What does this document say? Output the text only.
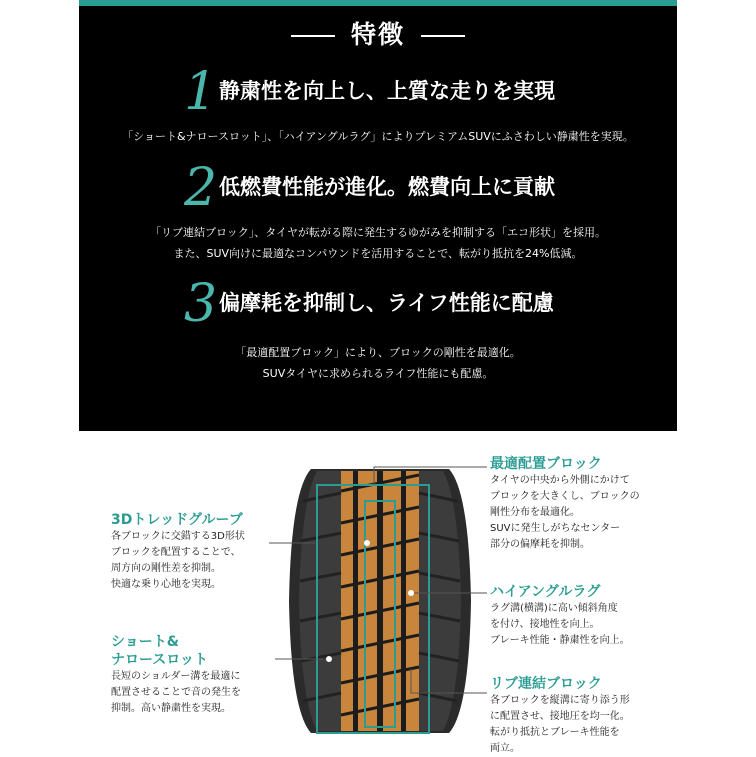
特徴
1 静粛性を向上し、上質な走りを実現
「ショート&ナロースロット」、「ハイアングルラグ」によりプレミアムSUVにふさわしい静粛性を実現。
2 低燃費性能が進化。燃費向上に貢献
「リブ連結ブロック」、タイヤが転がる際に発生するゆがみを抑制する「エコ形状」を採用。
また、SUV向けに最適なコンパウンドを活用することで、転がり抵抗を24%低減。
3 偏摩耗を抑制し、ライフ性能に配慮
「最適配置ブロック」により、ブロックの剛性を最適化。
SUVタイヤに求められるライフ性能にも配慮。
最適配置ブロック
タイヤの中央から外側にかけて
ブロックを大きくし、ブロックの
剛性分布を最適化。
SUVに発生しがちなセンター
部分の偏摩耗を抑制。
3Dトレッドグルーブ
各ブロックに交錯する3D形状
ブロックを配置することで、
周方向の剛性差を抑制。
快適な乗り心地を実現。	ハイアングルラグ
ラグ溝(横溝)に高い傾斜角度
を付け、接地性を向上。
ブレーキ性能・静粛性を向上。
ショート&
ナロースロット
長短のショルダー溝を最適に
配置させることで音の発生を
抑制。高い静粛性を実現。
リブ連結ブロック
各ブロックを縦溝に寄り添う形
に配置させ、接地圧を均一化。
転がり抵抗とブレーキ性能を
両立。
